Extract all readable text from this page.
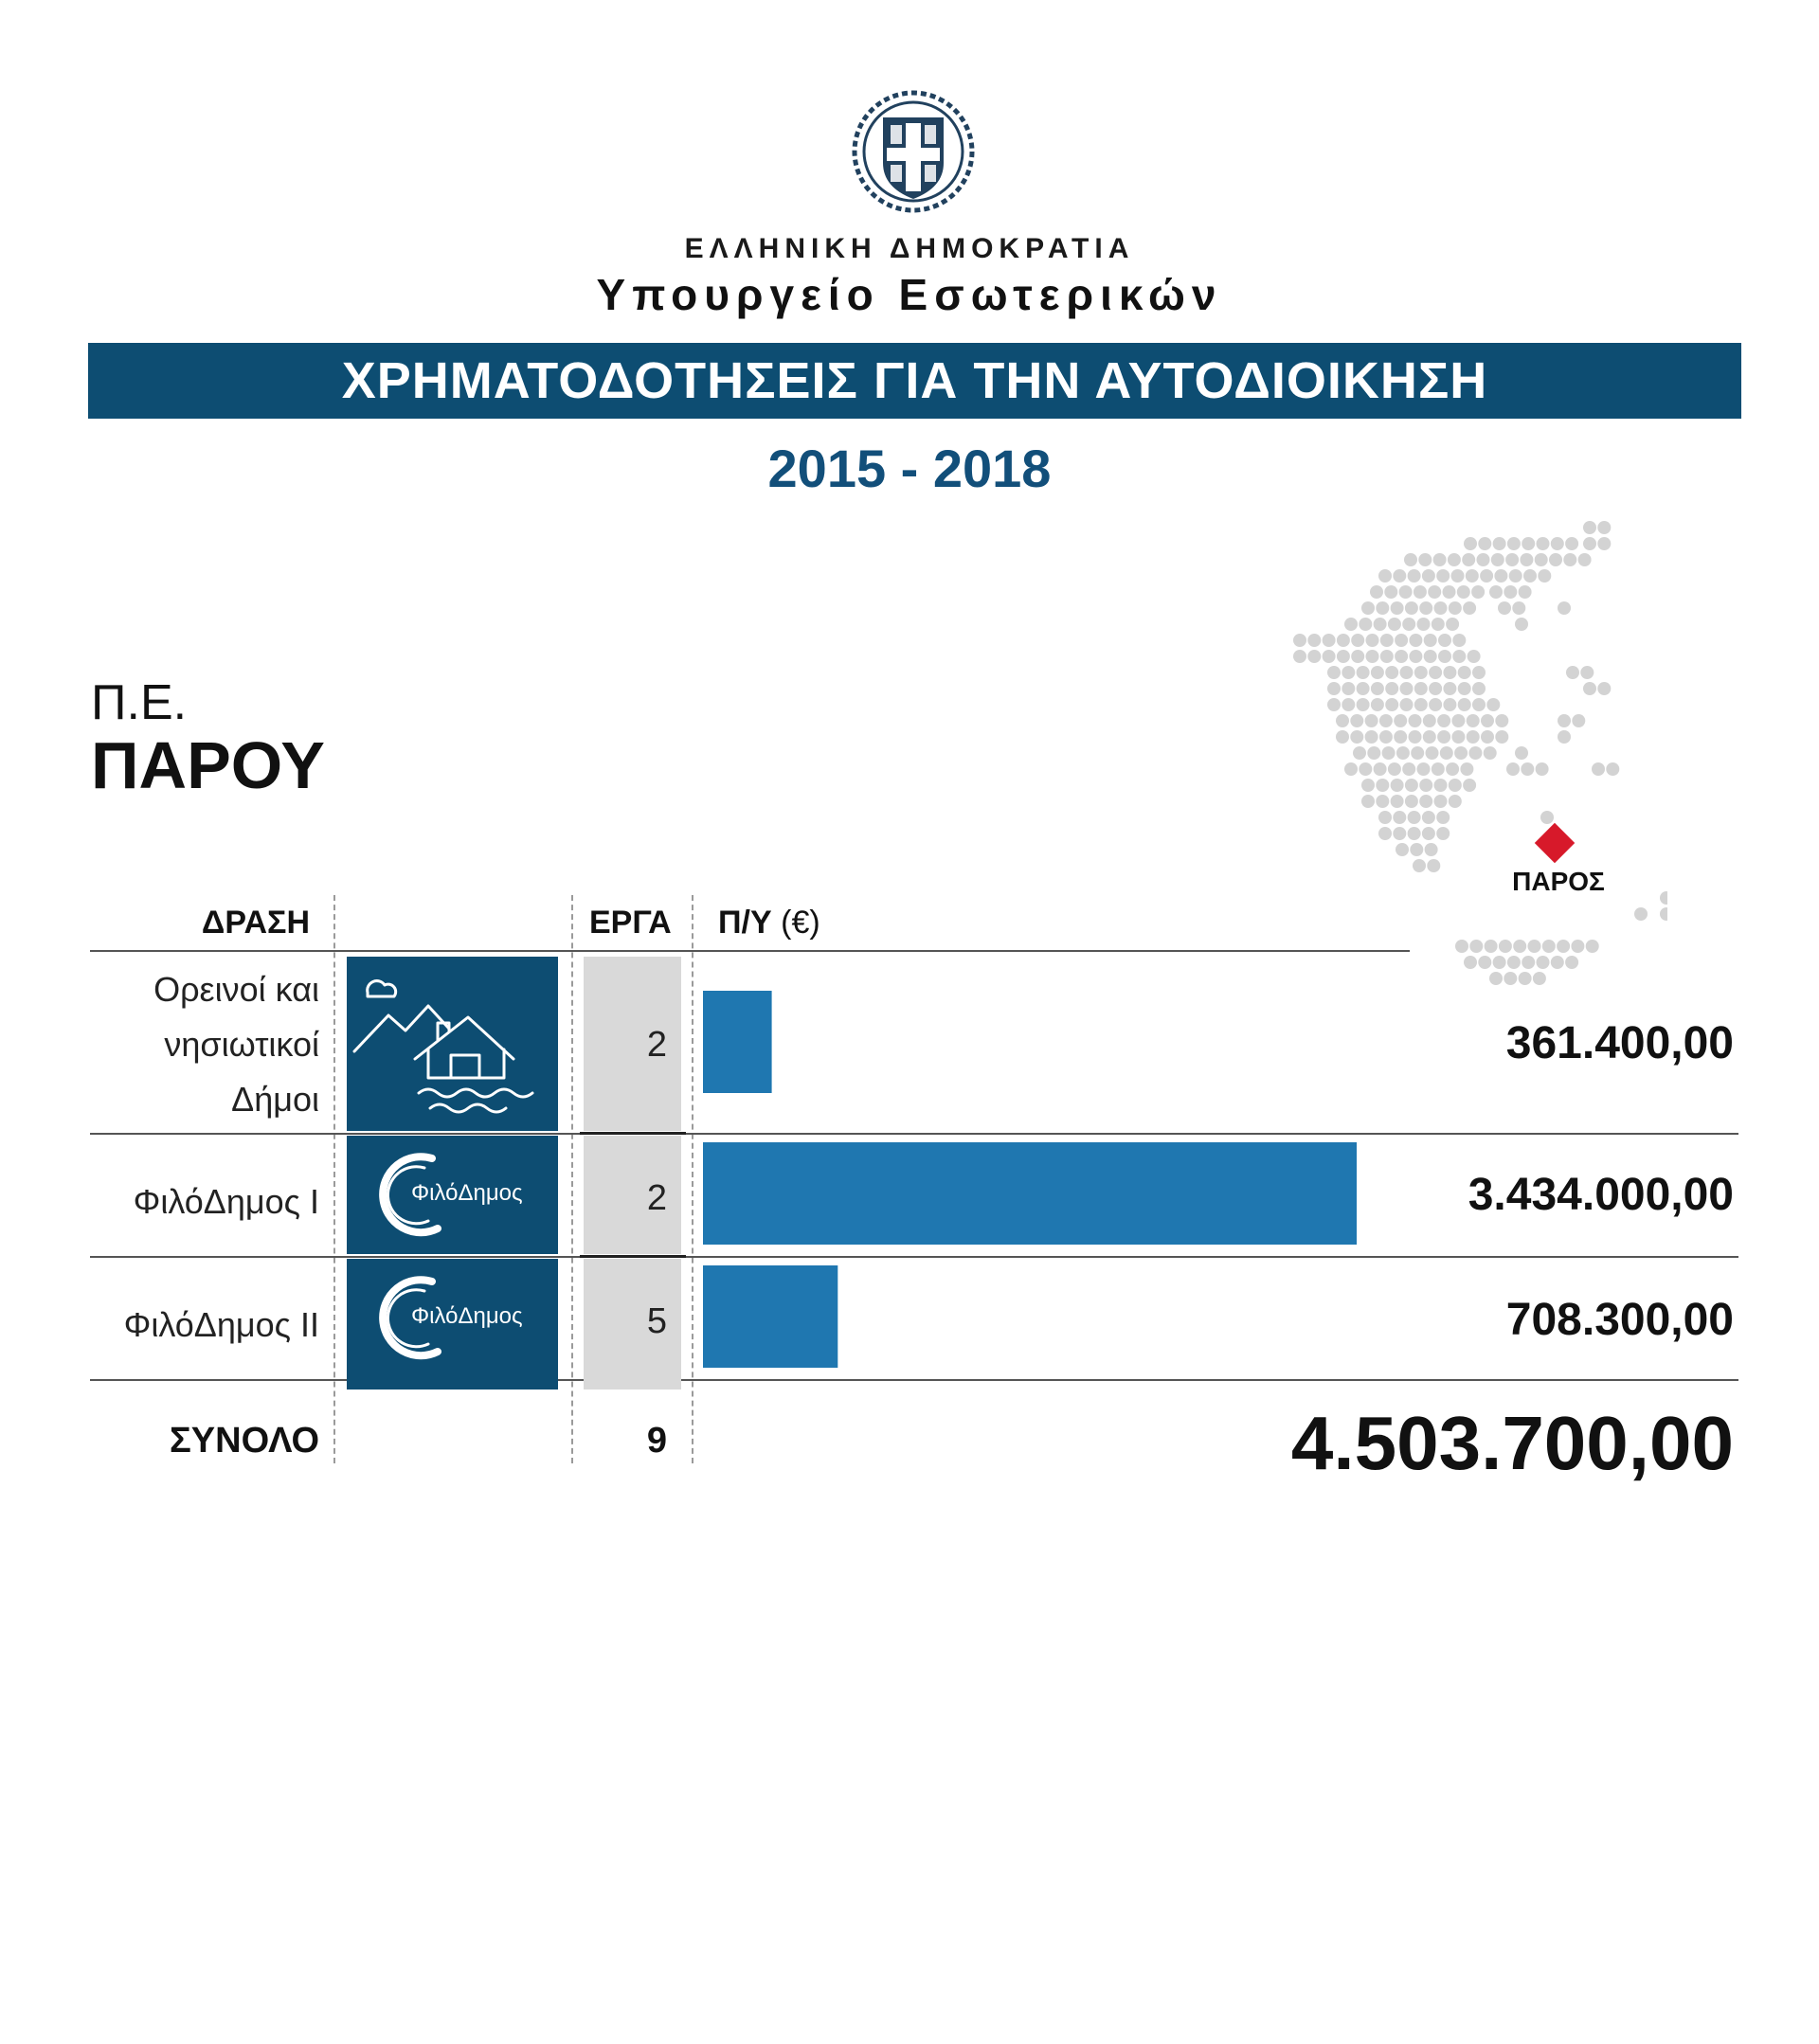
ΕΛΛΗΝΙΚΗ ΔΗΜΟΚΡΑΤΙΑ
Υπουργείο Εσωτερικών
ΧΡΗΜΑΤΟΔΟΤΗΣΕΙΣ ΓΙΑ ΤΗΝ ΑΥΤΟΔΙΟΙΚΗΣΗ
2015 - 2018
Π.Ε.
ΠΑΡΟΥ
ΠΑΡΟΣ
ΔΡΑΣΗ	ΕΡΓΑ Π/Υ (€)
Ορεινοί και
νησιωτικοί
Δήμοι
2	361.400,00
ΦιλόΔημος Ι	ΦιλόΔημος	2	3.434.000,00
ΦιλόΔημος ΙΙ	ΦιλόΔημος	5	708.300,00
ΣΥΝΟΛΟ	9	4.503.700,00
